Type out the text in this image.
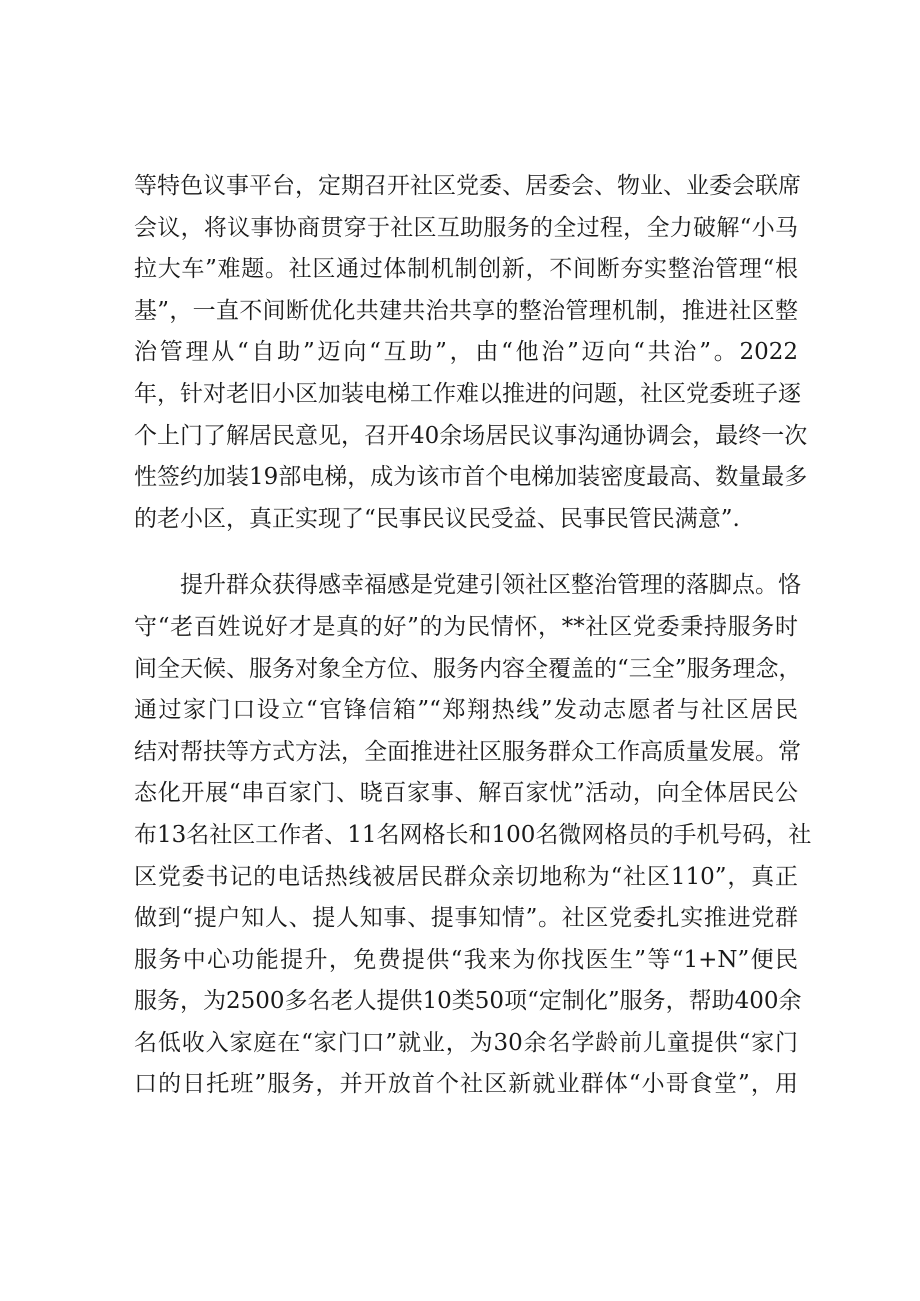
等特色议事平台，定期召开社区党委、居委会、物业、业委会联席
会议，将议事协商贯穿于社区互助服务的全过程，全力破解“小马
拉大车”难题。社区通过体制机制创新，不间断夯实整治管理“根
基”，一直不间断优化共建共治共享的整治管理机制，推进社区整
治管理从“自助”迈向“互助”，由“他治”迈向“共治”。2022
年，针对老旧小区加装电梯工作难以推进的问题，社区党委班子逐
个上门了解居民意见，召开40余场居民议事沟通协调会，最终一次
性签约加装19部电梯，成为该市首个电梯加装密度最高、数量最多
的老小区，真正实现了“民事民议民受益、民事民管民满意”.
　　提升群众获得感幸福感是党建引领社区整治管理的落脚点。恪
守“老百姓说好才是真的好”的为民情怀，**社区党委秉持服务时
间全天候、服务对象全方位、服务内容全覆盖的“三全”服务理念，
通过家门口设立“官锋信箱”“郑翔热线”发动志愿者与社区居民
结对帮扶等方式方法，全面推进社区服务群众工作高质量发展。常
态化开展“串百家门、晓百家事、解百家忧”活动，向全体居民公
布13名社区工作者、11名网格长和100名微网格员的手机号码，社
区党委书记的电话热线被居民群众亲切地称为“社区110”，真正
做到“提户知人、提人知事、提事知情”。社区党委扎实推进党群
服务中心功能提升，免费提供“我来为你找医生”等“1+N”便民
服务，为2500多名老人提供10类50项“定制化”服务，帮助400余
名低收入家庭在“家门口”就业，为30余名学龄前儿童提供“家门
口的日托班”服务，并开放首个社区新就业群体“小哥食堂”，用
